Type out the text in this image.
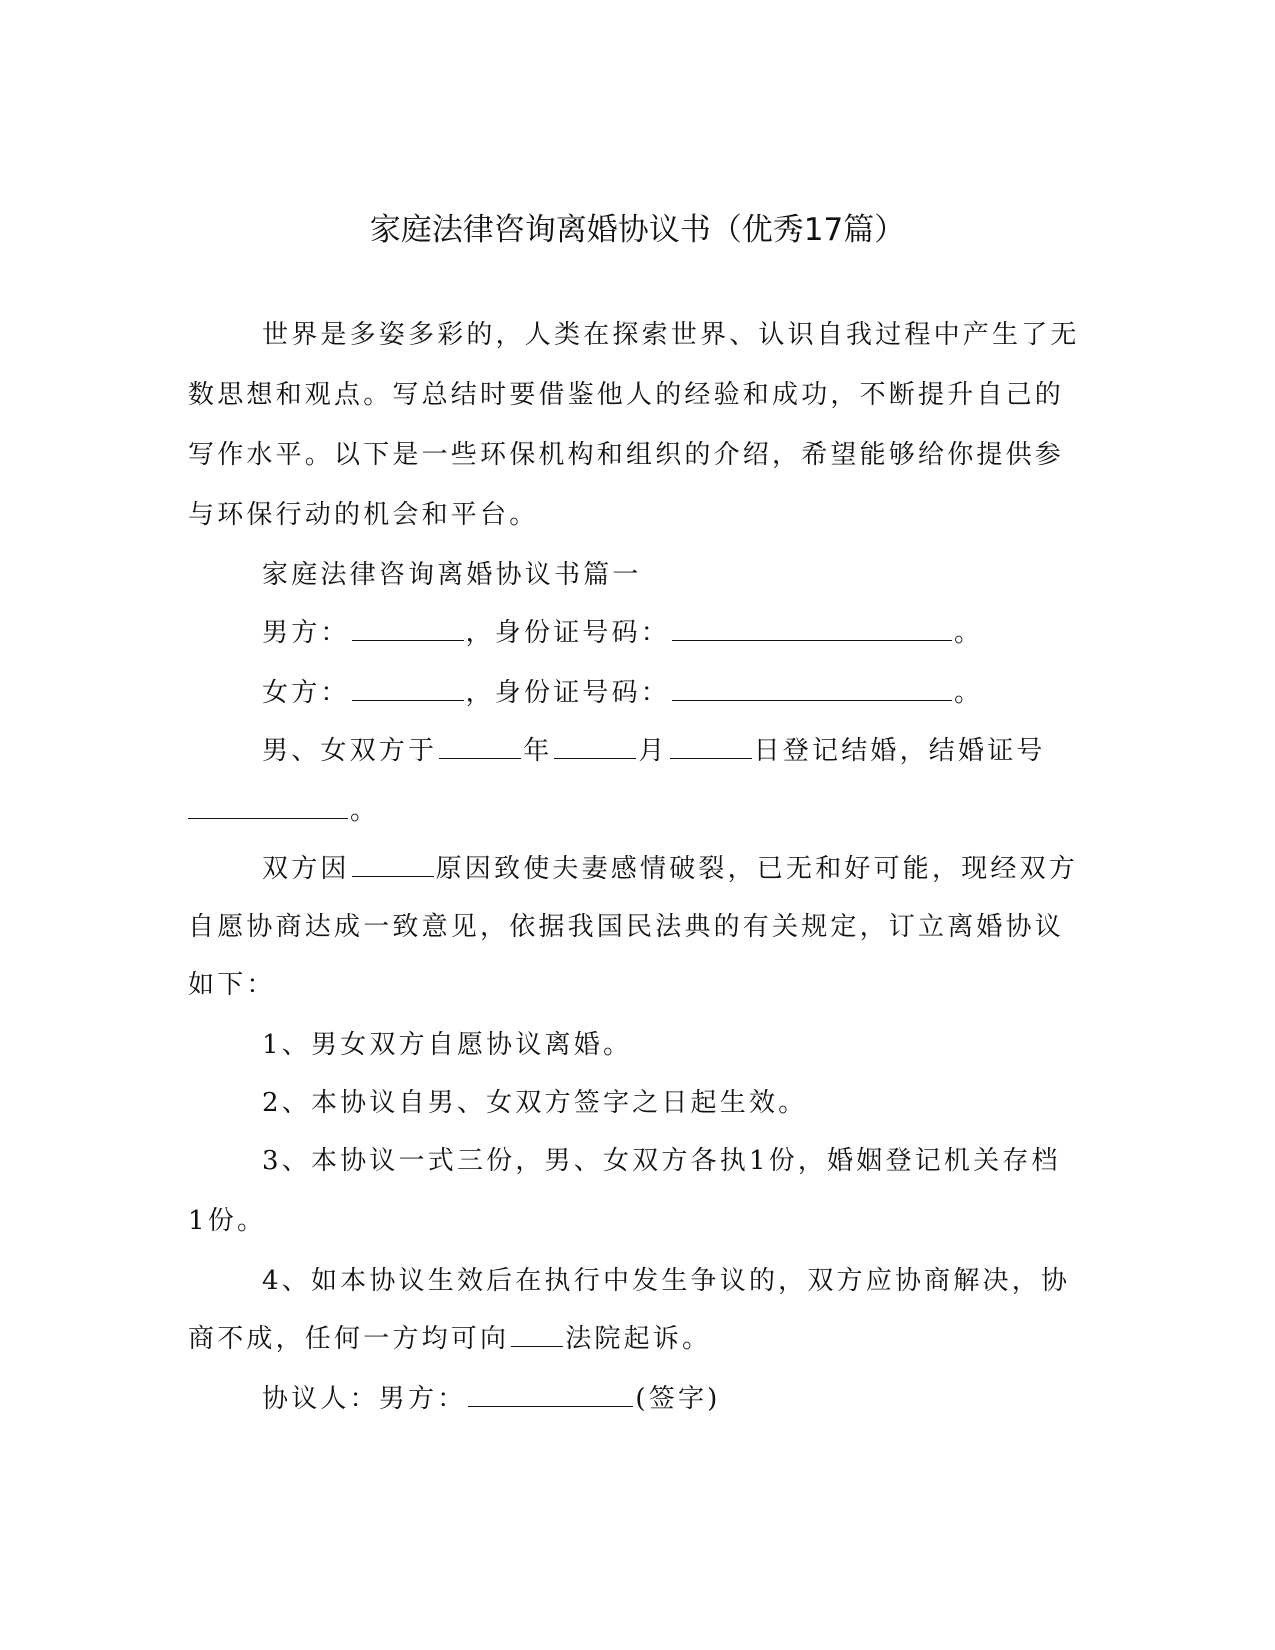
家庭法律咨询离婚协议书（优秀17篇）
世界是多姿多彩的，人类在探索世界、认识自我过程中产生了无
数思想和观点。写总结时要借鉴他人的经验和成功，不断提升自己的
写作水平。以下是一些环保机构和组织的介绍，希望能够给你提供参
与环保行动的机会和平台。
家庭法律咨询离婚协议书篇一
男方：	，身份证号码：	。
女方：	，身份证号码：	。
男、女双方于	年	月	日登记结婚，结婚证号
。
双方因	原因致使夫妻感情破裂，已无和好可能，现经双方
自愿协商达成一致意见，依据我国民法典的有关规定，订立离婚协议
如下：
1、男女双方自愿协议离婚。
2、本协议自男、女双方签字之日起生效。
3、本协议一式三份，男、女双方各执1份，婚姻登记机关存档
1份。
4、如本协议生效后在执行中发生争议的，双方应协商解决，协
商不成，任何一方均可向 法院起诉。
协议人：男方：	(签字)
